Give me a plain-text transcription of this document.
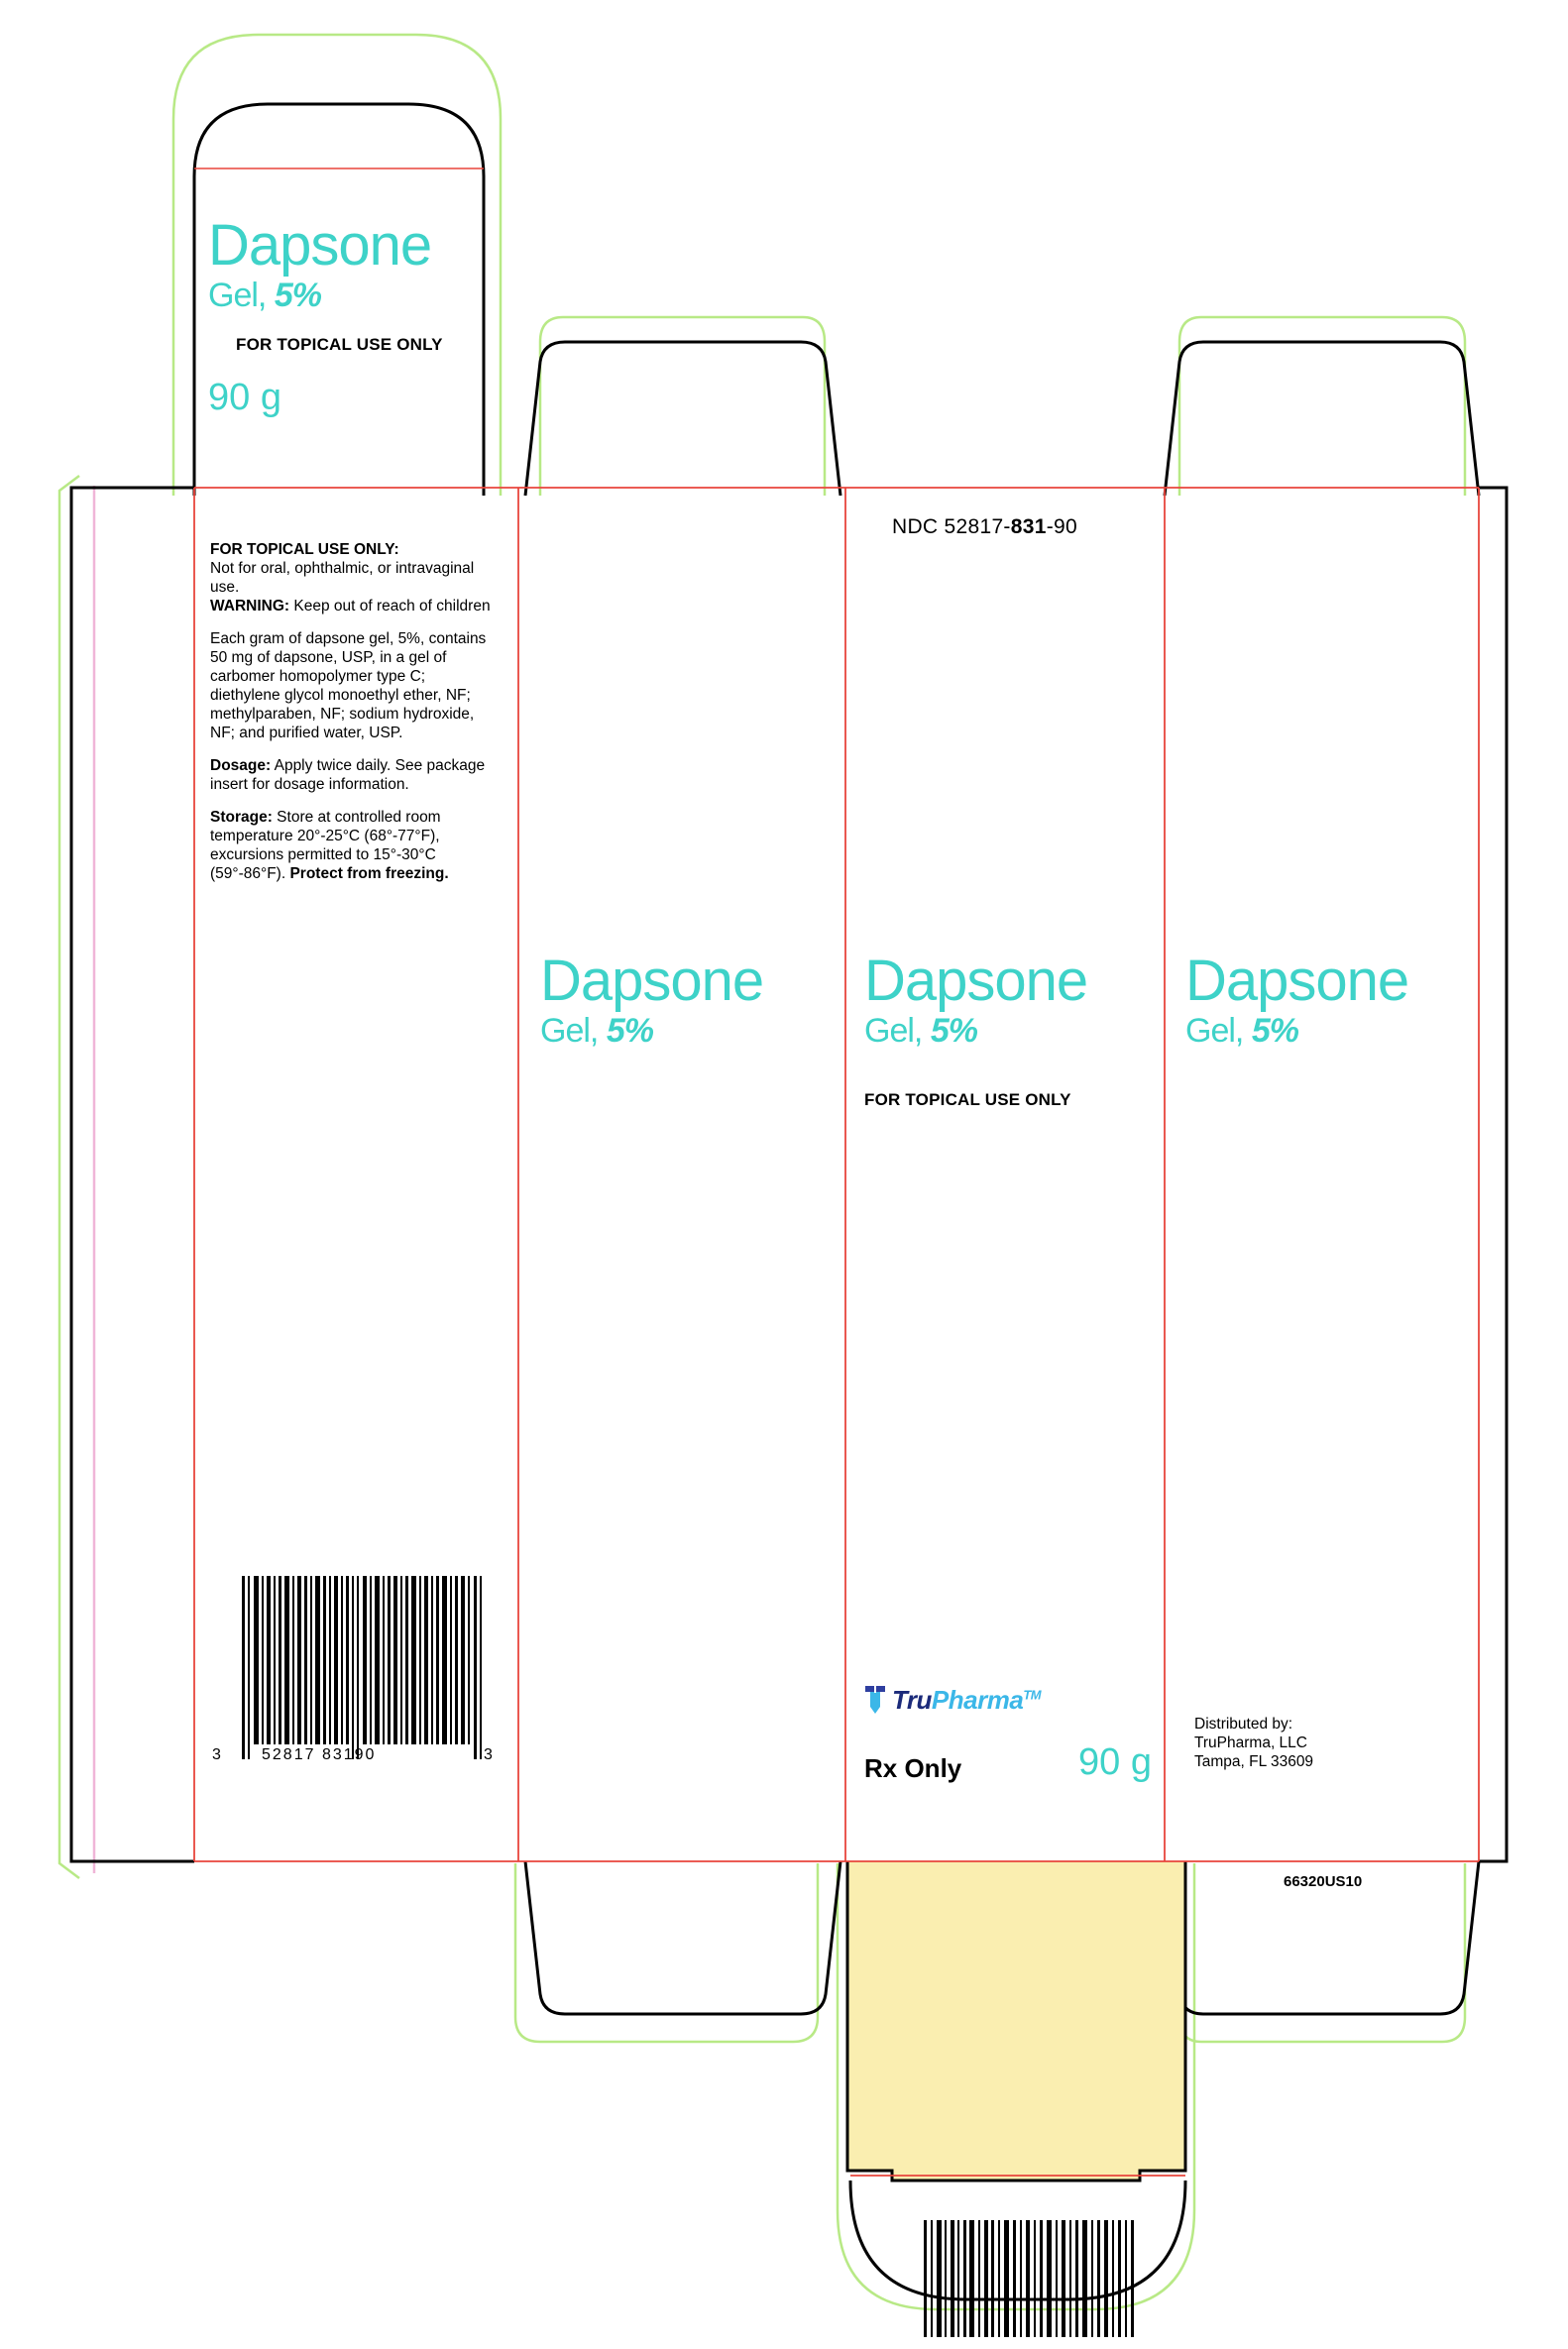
Dapsone
Gel, 5%
FOR TOPICAL USE ONLY
90 g
FOR TOPICAL USE ONLY:
Not for oral, ophthalmic, or intravaginal use.
WARNING: Keep out of reach of children
Each gram of dapsone gel, 5%, contains 50 mg of dapsone, USP, in a gel of carbomer homopolymer type C; diethylene glycol monoethyl ether, NF; methylparaben, NF; sodium hydroxide, NF; and purified water, USP.
Dosage: Apply twice daily. See package insert for dosage information.
Storage: Store at controlled room temperature 20°-25°C (68°-77°F), excursions permitted to 15°-30°C (59°-86°F). Protect from freezing.
3	52817 83190	3
Dapsone
Gel, 5%
NDC 52817-831-90
Dapsone
Gel, 5%
FOR TOPICAL USE ONLY
TruPharma™
Rx Only	90 g
Dapsone
Gel, 5%
Distributed by:
TruPharma, LLC
Tampa, FL 33609
66320US10
